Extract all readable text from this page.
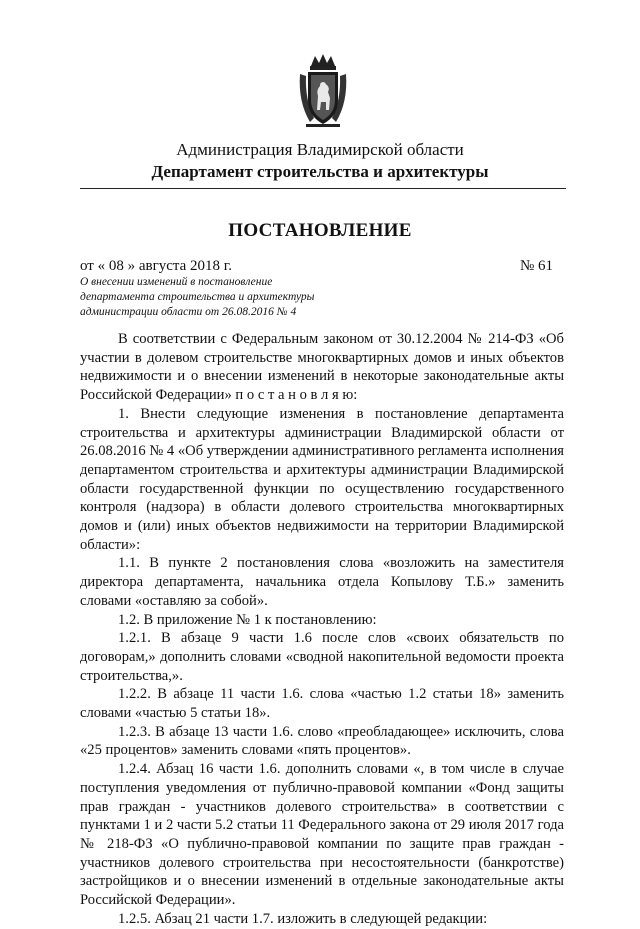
Администрация Владимирской области
Департамент строительства и архитектуры
ПОСТАНОВЛЕНИЕ
от « 08 » августа 2018 г.	№ 61
О внесении изменений в постановление
департамента строительства и архитектуры
администрации области от 26.08.2016 № 4

В соответствии с Федеральным законом от 30.12.2004 № 214-ФЗ «Об участии в долевом строительстве многоквартирных домов и иных объектов недвижимости и о внесении изменений в некоторые законодательные акты Российской Федерации» п о с т а н о в л я ю:

1. Внести следующие изменения в постановление департамента строительства и архитектуры администрации Владимирской области от 26.08.2016 № 4 «Об утверждении административного регламента исполнения департаментом строительства и архитектуры администрации Владимирской области государственной функции по осуществлению государственного контроля (надзора) в области долевого строительства многоквартирных домов и (или) иных объектов недвижимости на территории Владимирской области»:

1.1. В пункте 2 постановления слова «возложить на заместителя директора департамента, начальника отдела Копылову Т.Б.» заменить словами «оставляю за собой».

1.2. В приложение № 1 к постановлению:

1.2.1. В абзаце 9 части 1.6 после слов «своих обязательств по договорам,» дополнить словами «сводной накопительной ведомости проекта строительства,».

1.2.2. В абзаце 11 части 1.6. слова «частью 1.2 статьи 18» заменить словами «частью 5 статьи 18».

1.2.3. В абзаце 13 части 1.6. слово «преобладающее» исключить, слова «25 процентов» заменить словами «пять процентов».

1.2.4. Абзац 16 части 1.6. дополнить словами «, в том числе в случае поступления уведомления от публично-правовой компании «Фонд защиты прав граждан - участников долевого строительства» в соответствии с пунктами 1 и 2 части 5.2 статьи 11 Федерального закона от 29 июля 2017 года № 218-ФЗ «О публично-правовой компании по защите прав граждан - участников долевого строительства при несостоятельности (банкротстве) застройщиков и о внесении изменений в отдельные законодательные акты Российской Федерации».

1.2.5. Абзац 21 части 1.7. изложить в следующей редакции:
